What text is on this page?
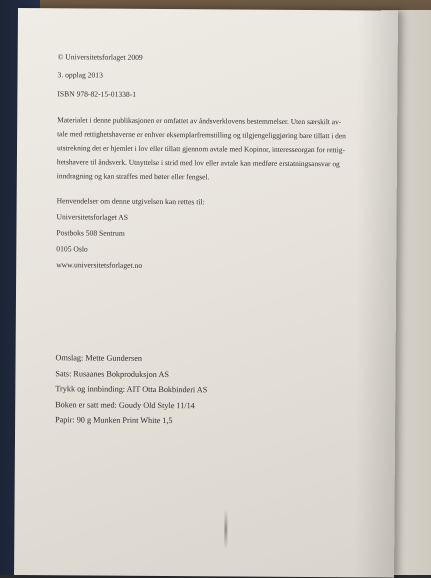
© Universitetsforlaget 2009
3. opplag 2013
ISBN 978-82-15-01338-1
Materialet i denne publikasjonen er omfattet av åndsverklovens bestemmelser. Uten særskilt av-
tale med rettighetshaverne er enhver eksemplarfremstilling og tilgjengeliggjøring bare tillatt i den
utstrekning det er hjemlet i lov eller tillatt gjennom avtale med Kopinor, interesseorgan for rettig-
hetshavere til åndsverk. Utnyttelse i strid med lov eller avtale kan medføre erstatningsansvar og
inndragning og kan straffes med bøter eller fengsel.
Henvendelser om denne utgivelsen kan rettes til:
Universitetsforlaget AS
Postboks 508 Sentrum
0105 Oslo
www.universitetsforlaget.no
Omslag: Mette Gundersen
Sats: Rusaanes Bokproduksjon AS
Trykk og innbinding: AIT Otta Bokbinderi AS
Boken er satt med: Goudy Old Style 11/14
Papir: 90 g Munken Print White 1,5
